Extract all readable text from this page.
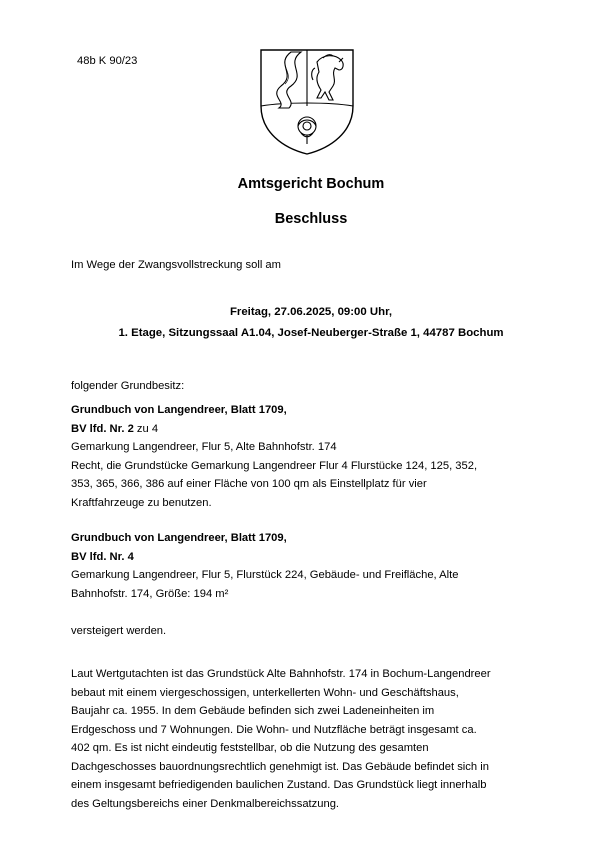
48b K 90/23
Amtsgericht Bochum
Beschluss
Im Wege der Zwangsvollstreckung soll am
Freitag, 27.06.2025, 09:00 Uhr,
1. Etage, Sitzungssaal A1.04, Josef-Neuberger-Straße 1, 44787 Bochum
folgender Grundbesitz:
Grundbuch von Langendreer, Blatt 1709,
BV lfd. Nr. 2 zu 4
Gemarkung Langendreer, Flur 5, Alte Bahnhofstr. 174
Recht, die Grundstücke Gemarkung Langendreer Flur 4 Flurstücke 124, 125, 352,
353, 365, 366, 386 auf einer Fläche von 100 qm als Einstellplatz für vier
Kraftfahrzeuge zu benutzen.
Grundbuch von Langendreer, Blatt 1709,
BV lfd. Nr. 4
Gemarkung Langendreer, Flur 5, Flurstück 224, Gebäude- und Freifläche, Alte
Bahnhofstr. 174, Größe: 194 m²
versteigert werden.
Laut Wertgutachten ist das Grundstück Alte Bahnhofstr. 174 in Bochum-Langendreer
bebaut mit einem viergeschossigen, unterkellerten Wohn- und Geschäftshaus,
Baujahr ca. 1955. In dem Gebäude befinden sich zwei Ladeneinheiten im
Erdgeschoss und 7 Wohnungen. Die Wohn- und Nutzfläche beträgt insgesamt ca.
402 qm. Es ist nicht eindeutig feststellbar, ob die Nutzung des gesamten
Dachgeschosses bauordnungsrechtlich genehmigt ist. Das Gebäude befindet sich in
einem insgesamt befriedigenden baulichen Zustand. Das Grundstück liegt innerhalb
des Geltungsbereichs einer Denkmalbereichssatzung.
